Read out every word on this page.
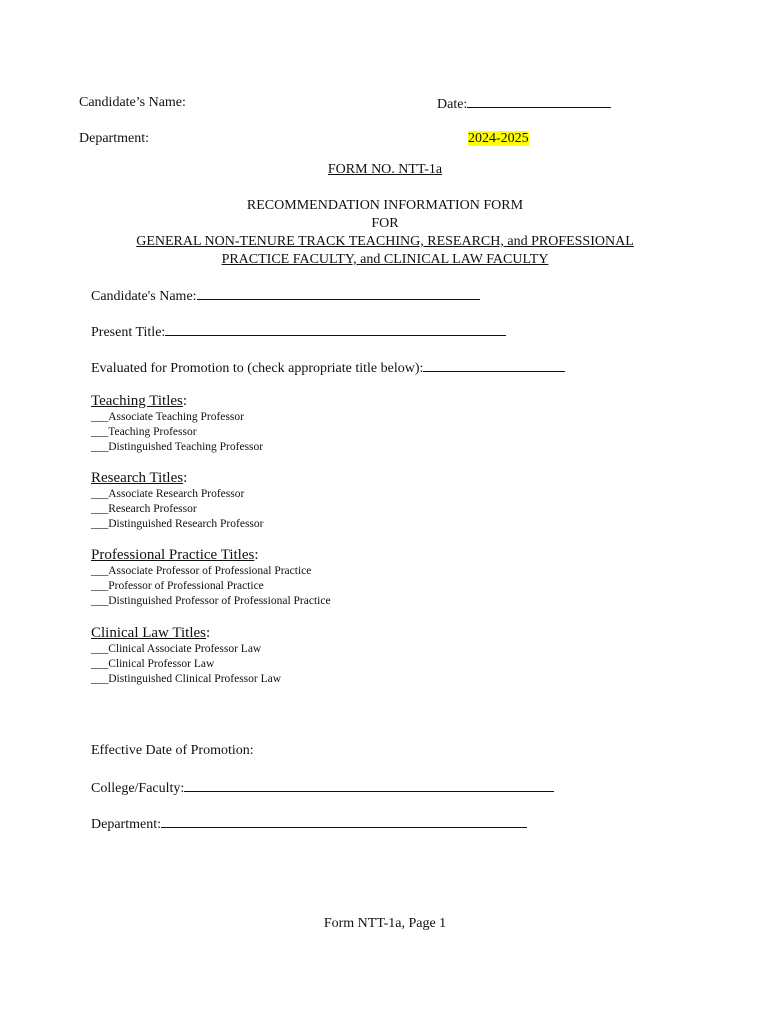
Candidate’s Name:	Date:
Department:	2024-2025
FORM NO. NTT-1a
RECOMMENDATION INFORMATION FORM
FOR
GENERAL NON-TENURE TRACK TEACHING, RESEARCH, and PROFESSIONAL
PRACTICE FACULTY, and CLINICAL LAW FACULTY
Candidate's Name:
Present Title:
Evaluated for Promotion to (check appropriate title below):
Teaching Titles:
___Associate Teaching Professor
___Teaching Professor
___Distinguished Teaching Professor
Research Titles:
___Associate Research Professor
___Research Professor
___Distinguished Research Professor
Professional Practice Titles:
___Associate Professor of Professional Practice
___Professor of Professional Practice
___Distinguished Professor of Professional Practice
Clinical Law Titles:
___Clinical Associate Professor Law
___Clinical Professor Law
___Distinguished Clinical Professor Law
Effective Date of Promotion:
College/Faculty:
Department:
Form NTT-1a, Page 1
